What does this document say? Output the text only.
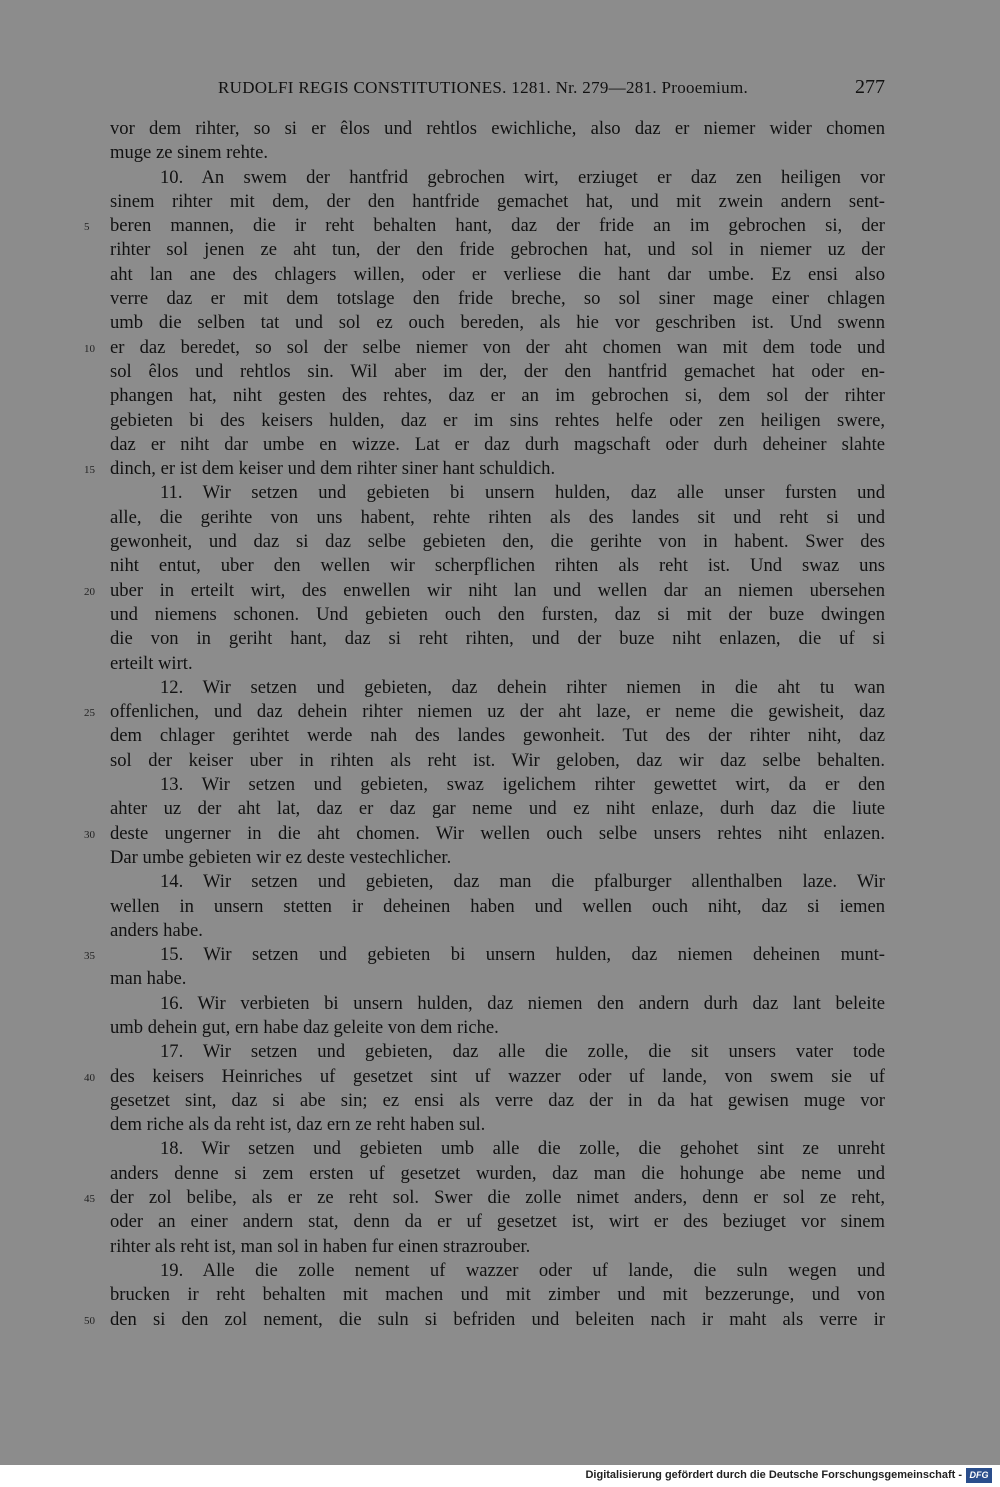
RUDOLFI REGIS CONSTITUTIONES. 1281. Nr. 279—281. Prooemium.	277
vor dem rihter, so si er êlos und rehtlos ewichliche, also daz er niemer wider chomen
muge ze sinem rehte.
10. An swem der hantfrid gebrochen wirt, erziuget er daz zen heiligen vor
sinem rihter mit dem, der den hantfride gemachet hat, und mit zwein andern sent-
5	beren mannen, die ir reht behalten hant, daz der fride an im gebrochen si, der
rihter sol jenen ze aht tun, der den fride gebrochen hat, und sol in niemer uz der
aht lan ane des chlagers willen, oder er verliese die hant dar umbe. Ez ensi also
verre daz er mit dem totslage den fride breche, so sol siner mage einer chlagen
umb die selben tat und sol ez ouch bereden, als hie vor geschriben ist. Und swenn
10 er daz beredet, so sol der selbe niemer von der aht chomen wan mit dem tode und
sol êlos und rehtlos sin. Wil aber im der, der den hantfrid gemachet hat oder en-
phangen hat, niht gesten des rehtes, daz er an im gebrochen si, dem sol der rihter
gebieten bi des keisers hulden, daz er im sins rehtes helfe oder zen heiligen swere,
daz er niht dar umbe en wizze. Lat er daz durh magschaft oder durh deheiner slahte
15 dinch, er ist dem keiser und dem rihter siner hant schuldich.
11. Wir setzen und gebieten bi unsern hulden, daz alle unser fursten und
alle, die gerihte von uns habent, rehte rihten als des landes sit und reht si und
gewonheit, und daz si daz selbe gebieten den, die gerihte von in habent. Swer des
niht entut, uber den wellen wir scherpflichen rihten als reht ist. Und swaz uns
20 uber in erteilt wirt, des enwellen wir niht lan und wellen dar an niemen ubersehen
und niemens schonen. Und gebieten ouch den fursten, daz si mit der buze dwingen
die von in geriht hant, daz si reht rihten, und der buze niht enlazen, die uf si
erteilt wirt.
12. Wir setzen und gebieten, daz dehein rihter niemen in die aht tu wan
25 offenlichen, und daz dehein rihter niemen uz der aht laze, er neme die gewisheit, daz
dem chlager gerihtet werde nah des landes gewonheit. Tut des der rihter niht, daz
sol der keiser uber in rihten als reht ist. Wir geloben, daz wir daz selbe behalten.
13. Wir setzen und gebieten, swaz igelichem rihter gewettet wirt, da er den
ahter uz der aht lat, daz er daz gar neme und ez niht enlaze, durh daz die liute
30 deste ungerner in die aht chomen. Wir wellen ouch selbe unsers rehtes niht enlazen.
Dar umbe gebieten wir ez deste vestechlicher.
14. Wir setzen und gebieten, daz man die pfalburger allenthalben laze. Wir
wellen in unsern stetten ir deheinen haben und wellen ouch niht, daz si iemen
anders habe.
35	15. Wir setzen und gebieten bi unsern hulden, daz niemen deheinen munt-
man habe.
16. Wir verbieten bi unsern hulden, daz niemen den andern durh daz lant beleite
umb dehein gut, ern habe daz geleite von dem riche.
17. Wir setzen und gebieten, daz alle die zolle, die sit unsers vater tode
40 des keisers Heinriches uf gesetzet sint uf wazzer oder uf lande, von swem sie uf
gesetzet sint, daz si abe sin; ez ensi als verre daz der in da hat gewisen muge vor
dem riche als da reht ist, daz ern ze reht haben sul.
18. Wir setzen und gebieten umb alle die zolle, die gehohet sint ze unreht
anders denne si zem ersten uf gesetzet wurden, daz man die hohunge abe neme und
45 der zol belibe, als er ze reht sol. Swer die zolle nimet anders, denn er sol ze reht,
oder an einer andern stat, denn da er uf gesetzet ist, wirt er des beziuget vor sinem
rihter als reht ist, man sol in haben fur einen strazrouber.
19. Alle die zolle nement uf wazzer oder uf lande, die suln wegen und
brucken ir reht behalten mit machen und mit zimber und mit bezzerunge, und von
50 den si den zol nement, die suln si befriden und beleiten nach ir maht als verre ir
Digitalisierung gefördert durch die Deutsche Forschungsgemeinschaft - DFG
